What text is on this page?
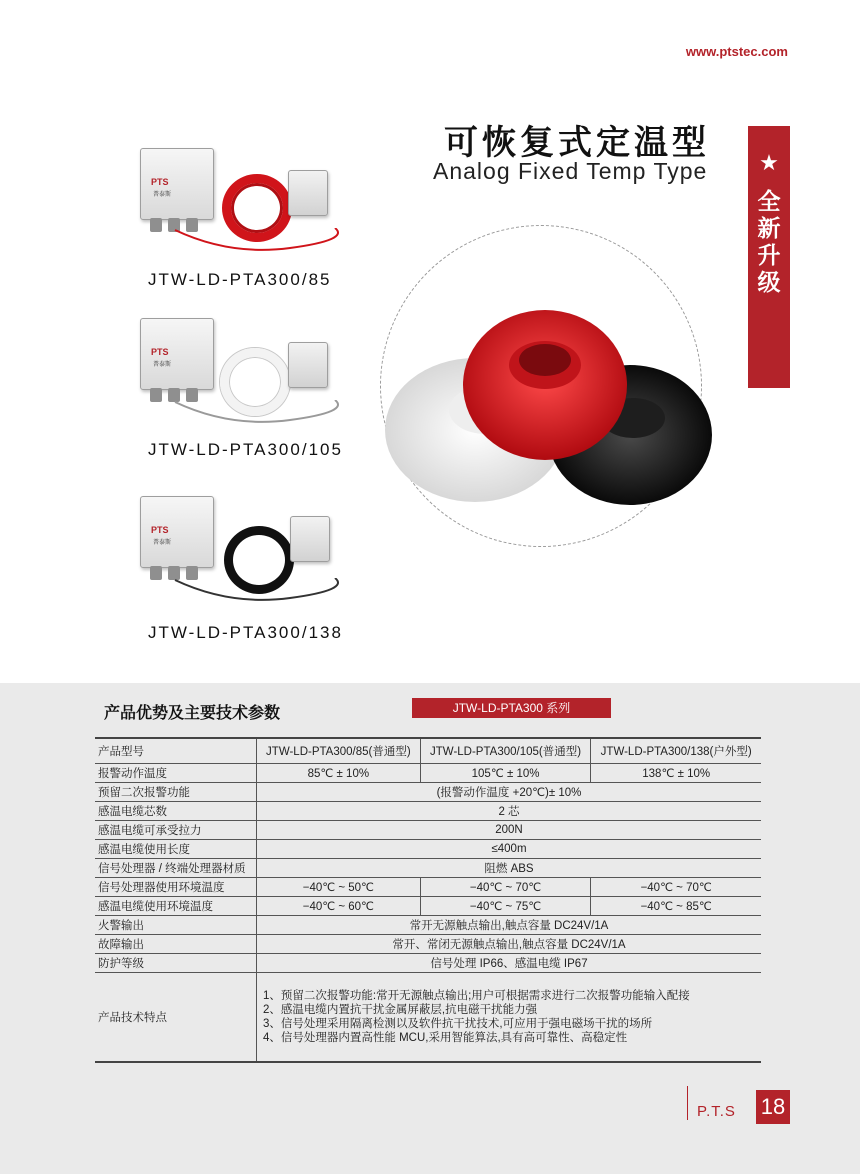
www.ptstec.com
可恢复式定温型
Analog Fixed Temp Type ★
全新升级
PTS
普泰斯
JTW-LD-PTA300/85
PTS
普泰斯
JTW-LD-PTA300/105
PTS
普泰斯
JTW-LD-PTA300/138
产品优势及主要技术参数	JTW-LD-PTA300 系列
产品型号	JTW-LD-PTA300/85(普通型)	JTW-LD-PTA300/105(普通型)	JTW-LD-PTA300/138(户外型)
报警动作温度	85℃ ± 10%	105℃ ± 10%	138℃ ± 10%
预留二次报警功能	(报警动作温度 +20℃)± 10%		
感温电缆芯数	2 芯		
感温电缆可承受拉力	200N		
感温电缆使用长度	≤400m		
信号处理器 / 终端处理器材质	阻燃 ABS		
信号处理器使用环境温度	−40℃ ~ 50℃	−40℃ ~ 70℃	−40℃ ~ 70℃
感温电缆使用环境温度	−40℃ ~ 60℃	−40℃ ~ 75℃	−40℃ ~ 85℃
火警输出	常开无源触点输出,触点容量 DC24V/1A		
故障输出	常开、常闭无源触点输出,触点容量 DC24V/1A		
防护等级	信号处理 IP66、感温电缆 IP67		
产品技术特点	1、预留二次报警功能:常开无源触点输出;用户可根据需求进行二次报警功能输入配接
2、感温电缆内置抗干扰金属屏蔽层,抗电磁干扰能力强
3、信号处理采用隔离检测以及软件抗干扰技术,可应用于强电磁场干扰的场所
4、信号处理器内置高性能 MCU,采用智能算法,具有高可靠性、高稳定性		
P.T.S 18
